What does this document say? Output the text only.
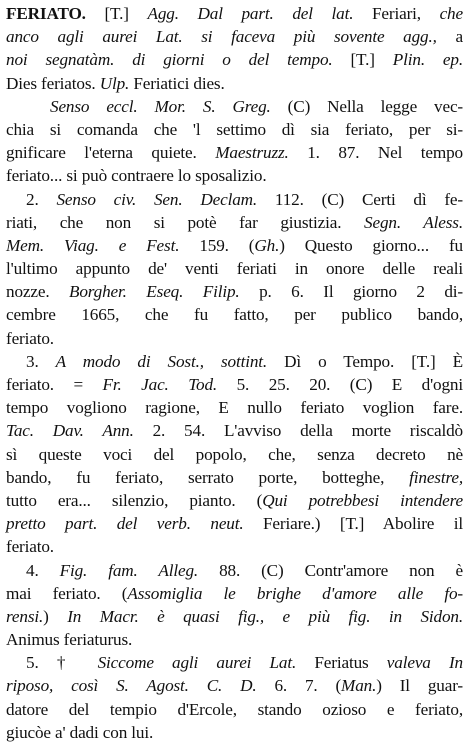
FERIATO. [T.] Agg. Dal part. del lat. Feriari, che
anco agli aurei Lat. si faceva più sovente agg., a
noi segnatàm. di giorni o del tempo. [T.] Plin. ep.
Dies feriatos. Ulp. Feriatici dies.
Senso eccl. Mor. S. Greg. (C) Nella legge vec-
chia si comanda che 'l settimo dì sia feriato, per si-
gnificare l'eterna quiete. Maestruzz. 1. 87. Nel tempo
feriato... si può contraere lo sposalizio.
2. Senso civ. Sen. Declam. 112. (C) Certi dì fe-
riati, che non si potè far giustizia. Segn. Aless.
Mem. Viag. e Fest. 159. (Gh.) Questo giorno... fu
l'ultimo appunto de' venti feriati in onore delle reali
nozze. Borgher. Eseq. Filip. p. 6. Il giorno 2 di-
cembre 1665, che fu fatto, per publico bando,
feriato.
3. A modo di Sost., sottint. Dì o Tempo. [T.] È
feriato. = Fr. Jac. Tod. 5. 25. 20. (C) E d'ogni
tempo vogliono ragione, E nullo feriato voglion fare.
Tac. Dav. Ann. 2. 54. L'avviso della morte riscaldò
sì queste voci del popolo, che, senza decreto nè
bando, fu feriato, serrato porte, botteghe, finestre,
tutto era... silenzio, pianto. (Qui potrebbesi intendere
pretto part. del verb. neut. Feriare.) [T.] Abolire il
feriato.
4. Fig. fam. Alleg. 88. (C) Contr'amore non è
mai feriato. (Assomiglia le brighe d'amore alle fo-
rensi.) In Macr. è quasi fig., e più fig. in Sidon.
Animus feriaturus.
5. † Siccome agli aurei Lat. Feriatus valeva In
riposo, così S. Agost. C. D. 6. 7. (Man.) Il guar-
datore del tempio d'Ercole, stando ozioso e feriato,
giucòe a' dadi con lui.
